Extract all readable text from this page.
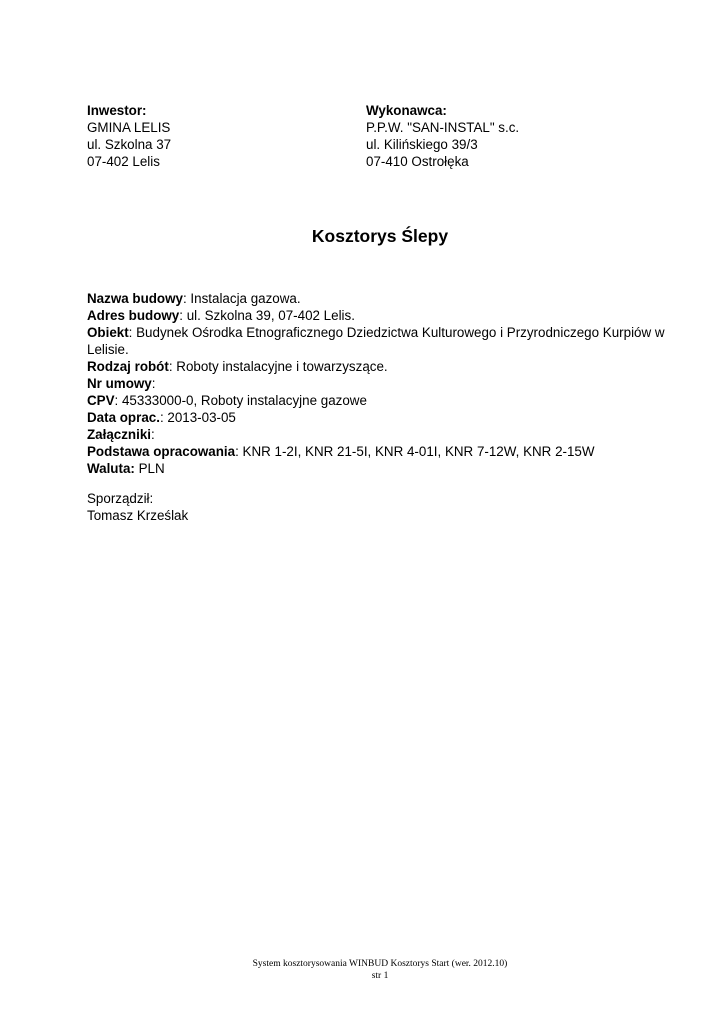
Inwestor:
GMINA LELIS
ul. Szkolna 37
07-402 Lelis
Wykonawca:
P.P.W. "SAN-INSTAL" s.c.
ul. Kilińskiego 39/3
07-410 Ostrołęka
Kosztorys Ślepy
Nazwa budowy: Instalacja gazowa.
Adres budowy: ul. Szkolna 39, 07-402 Lelis.
Obiekt: Budynek Ośrodka Etnograficznego Dziedzictwa Kulturowego i Przyrodniczego Kurpiów w Lelisie.
Rodzaj robót: Roboty instalacyjne i towarzyszące.
Nr umowy:
CPV: 45333000-0, Roboty instalacyjne gazowe
Data oprac.: 2013-03-05
Załączniki:
Podstawa opracowania: KNR 1-2I, KNR 21-5I, KNR 4-01I, KNR 7-12W, KNR 2-15W
Waluta: PLN
Sporządził:
Tomasz Krześlak
System kosztorysowania WINBUD Kosztorys Start (wer. 2012.10)
str 1
